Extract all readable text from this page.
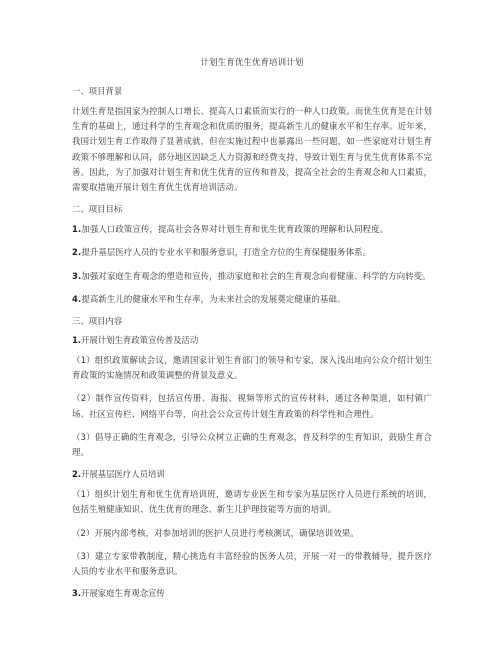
计划生育优生优育培训计划
一、项目背景

计划生育是指国家为控制人口增长、提高人口素质而实行的一种人口政策。而优生优育是在计划生育的基础上，通过科学的生育观念和优质的服务，提高新生儿的健康水平和生存率。近年来，我国计划生育工作取得了显著成就，但在实施过程中也暴露出一些问题，如一些家庭对计划生育政策不够理解和认同，部分地区因缺乏人力资源和经费支持，导致计划生育与优生优育体系不完善。因此，为了加强对计划生育和优生优育的宣传和普及，提高全社会的生育观念和人口素质，需要取措施开展计划生育优生优育培训活动。

二、项目目标

1.加强人口政策宣传，提高社会各界对计划生育和优生优育政策的理解和认同程度。

2.提升基层医疗人员的专业水平和服务意识，打造全方位的生育保健服务体系。

3.加强对家庭生育观念的塑造和宣传，推动家庭和社会的生育观念向着健康、科学的方向转变。

4.提高新生儿的健康水平和生存率，为未来社会的发展奠定健康的基础。

三、项目内容
1.开展计划生育政策宣传普及活动

（1）组织政策解读会议，邀请国家计划生育部门的领导和专家，深入浅出地向公众介绍计划生育政策的实施情况和政策调整的背景及意义。

（2）制作宣传资料，包括宣传册、海报、视频等形式的宣传材料，通过各种渠道，如村镇广场、社区宣传栏、网络平台等，向社会公众宣传计划生育政策的科学性和合理性。

（3）倡导正确的生育观念，引导公众树立正确的生育观念，普及科学的生育知识，鼓励生育合理。

2.开展基层医疗人员培训

（1）组织计划生育和优生优育培训班，邀请专业医生和专家为基层医疗人员进行系统的培训，包括生殖健康知识、优生优育的理念、新生儿护理技能等方面的培训。

（2）开展内部考核，对参加培训的医护人员进行考核测试，确保培训效果。

（3）建立专家带教制度，精心挑选有丰富经验的医务人员，开展一对一的带教辅导，提升医疗人员的专业水平和服务意识。

3.开展家庭生育观念宣传
